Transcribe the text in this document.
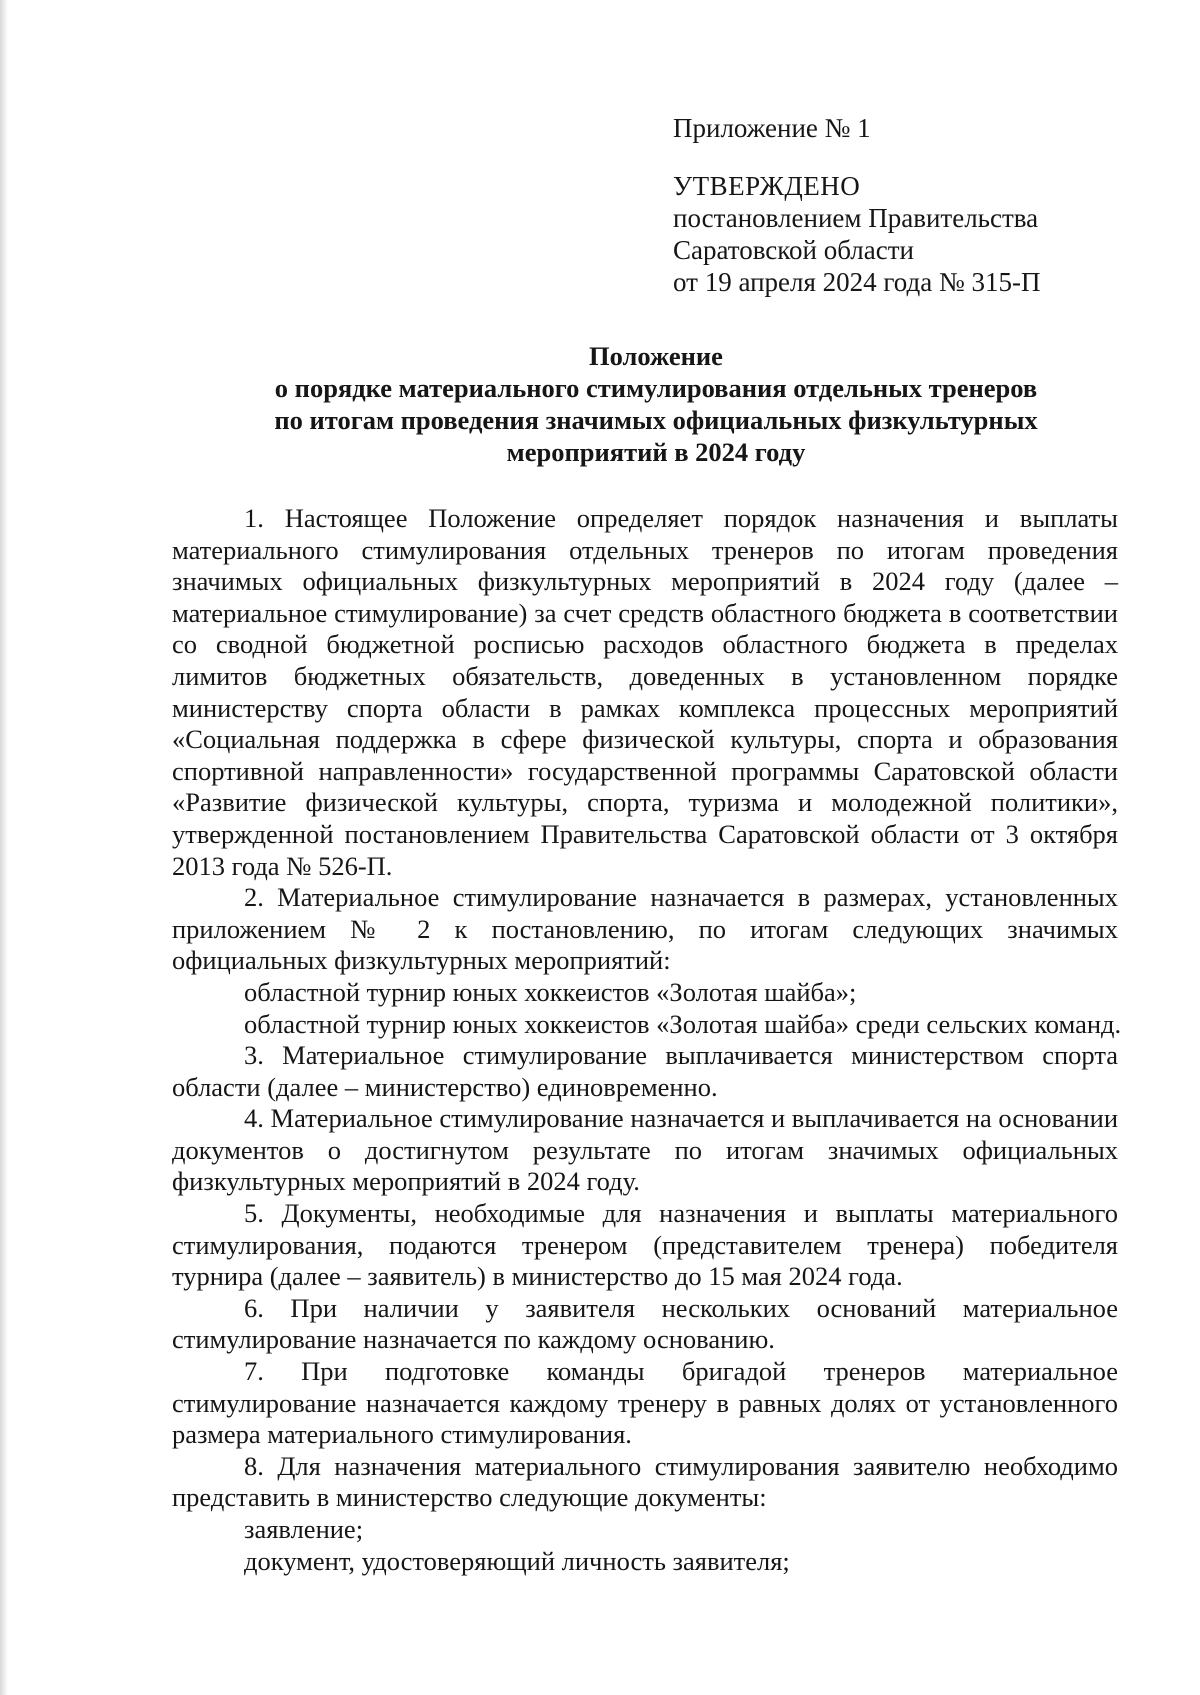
Приложение № 1
УТВЕРЖДЕНО
постановлением Правительства
Саратовской области
от 19 апреля 2024 года № 315-П
Положение
о порядке материального стимулирования отдельных тренеров
по итогам проведения значимых официальных физкультурных
мероприятий в 2024 году

1. Настоящее Положение определяет порядок назначения и выплаты материального стимулирования отдельных тренеров по итогам проведения значимых официальных физкультурных мероприятий в 2024 году (далее – материальное стимулирование) за счет средств областного бюджета в соответствии со сводной бюджетной росписью расходов областного бюджета в пределах лимитов бюджетных обязательств, доведенных в установленном порядке министерству спорта области в рамках комплекса процессных мероприятий «Социальная поддержка в сфере физической культуры, спорта и образования спортивной направленности» государственной программы Саратовской области «Развитие физической культуры, спорта, туризма и молодежной политики», утвержденной постановлением Правительства Саратовской области от 3 октября 2013 года № 526-П.

2. Материальное стимулирование назначается в размерах, установленных приложением № 2 к постановлению, по итогам следующих значимых официальных физкультурных мероприятий:

областной турнир юных хоккеистов «Золотая шайба»;

областной турнир юных хоккеистов «Золотая шайба» среди сельских команд.

3. Материальное стимулирование выплачивается министерством спорта области (далее – министерство) единовременно.

4. Материальное стимулирование назначается и выплачивается на основании документов о достигнутом результате по итогам значимых официальных физкультурных мероприятий в 2024 году.

5. Документы, необходимые для назначения и выплаты материального стимулирования, подаются тренером (представителем тренера) победителя турнира (далее – заявитель) в министерство до 15 мая 2024 года.

6. При наличии у заявителя нескольких оснований материальное стимулирование назначается по каждому основанию.

7. При подготовке команды бригадой тренеров материальное стимулирование назначается каждому тренеру в равных долях от установленного размера материального стимулирования.

8. Для назначения материального стимулирования заявителю необходимо представить в министерство следующие документы:

заявление;

документ, удостоверяющий личность заявителя;
